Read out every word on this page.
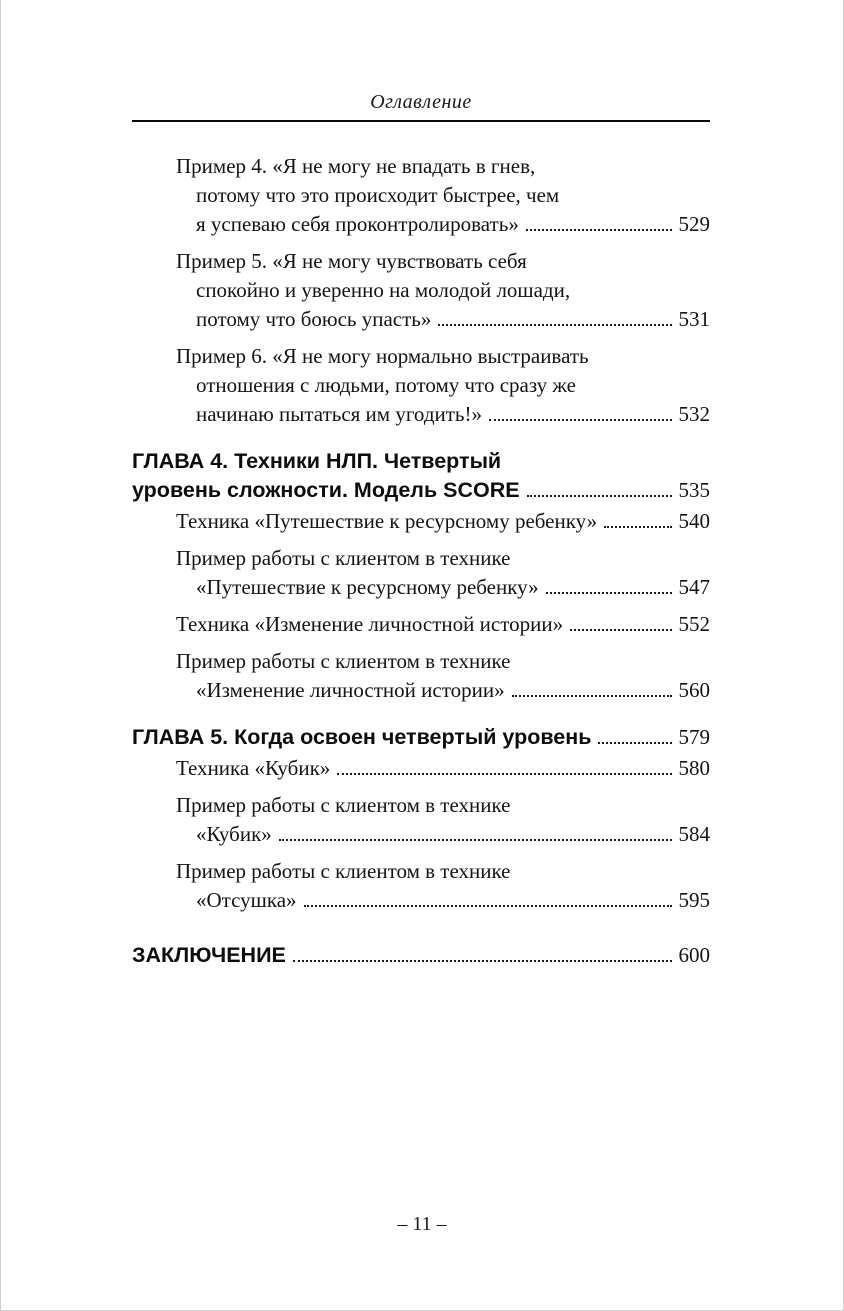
Оглавление
Пример 4. «Я не могу не впадать в гнев,
потому что это происходит быстрее, чем
я успеваю себя проконтролировать»	529
Пример 5. «Я не могу чувствовать себя
спокойно и уверенно на молодой лошади,
потому что боюсь упасть»	531
Пример 6. «Я не могу нормально выстраивать
отношения с людьми, потому что сразу же
начинаю пытаться им угодить!»	532
ГЛАВА 4. Техники НЛП. Четвертый
уровень сложности. Модель SCORE	535
Техника «Путешествие к ресурсному ребенку»	540
Пример работы с клиентом в технике
«Путешествие к ресурсному ребенку»	547
Техника «Изменение личностной истории»	552
Пример работы с клиентом в технике
«Изменение личностной истории»	560
ГЛАВА 5. Когда освоен четвертый уровень	579
Техника «Кубик»	580
Пример работы с клиентом в технике
«Кубик»	584
Пример работы с клиентом в технике
«Отсушка»	595
ЗАКЛЮЧЕНИЕ	600
– 11 –
